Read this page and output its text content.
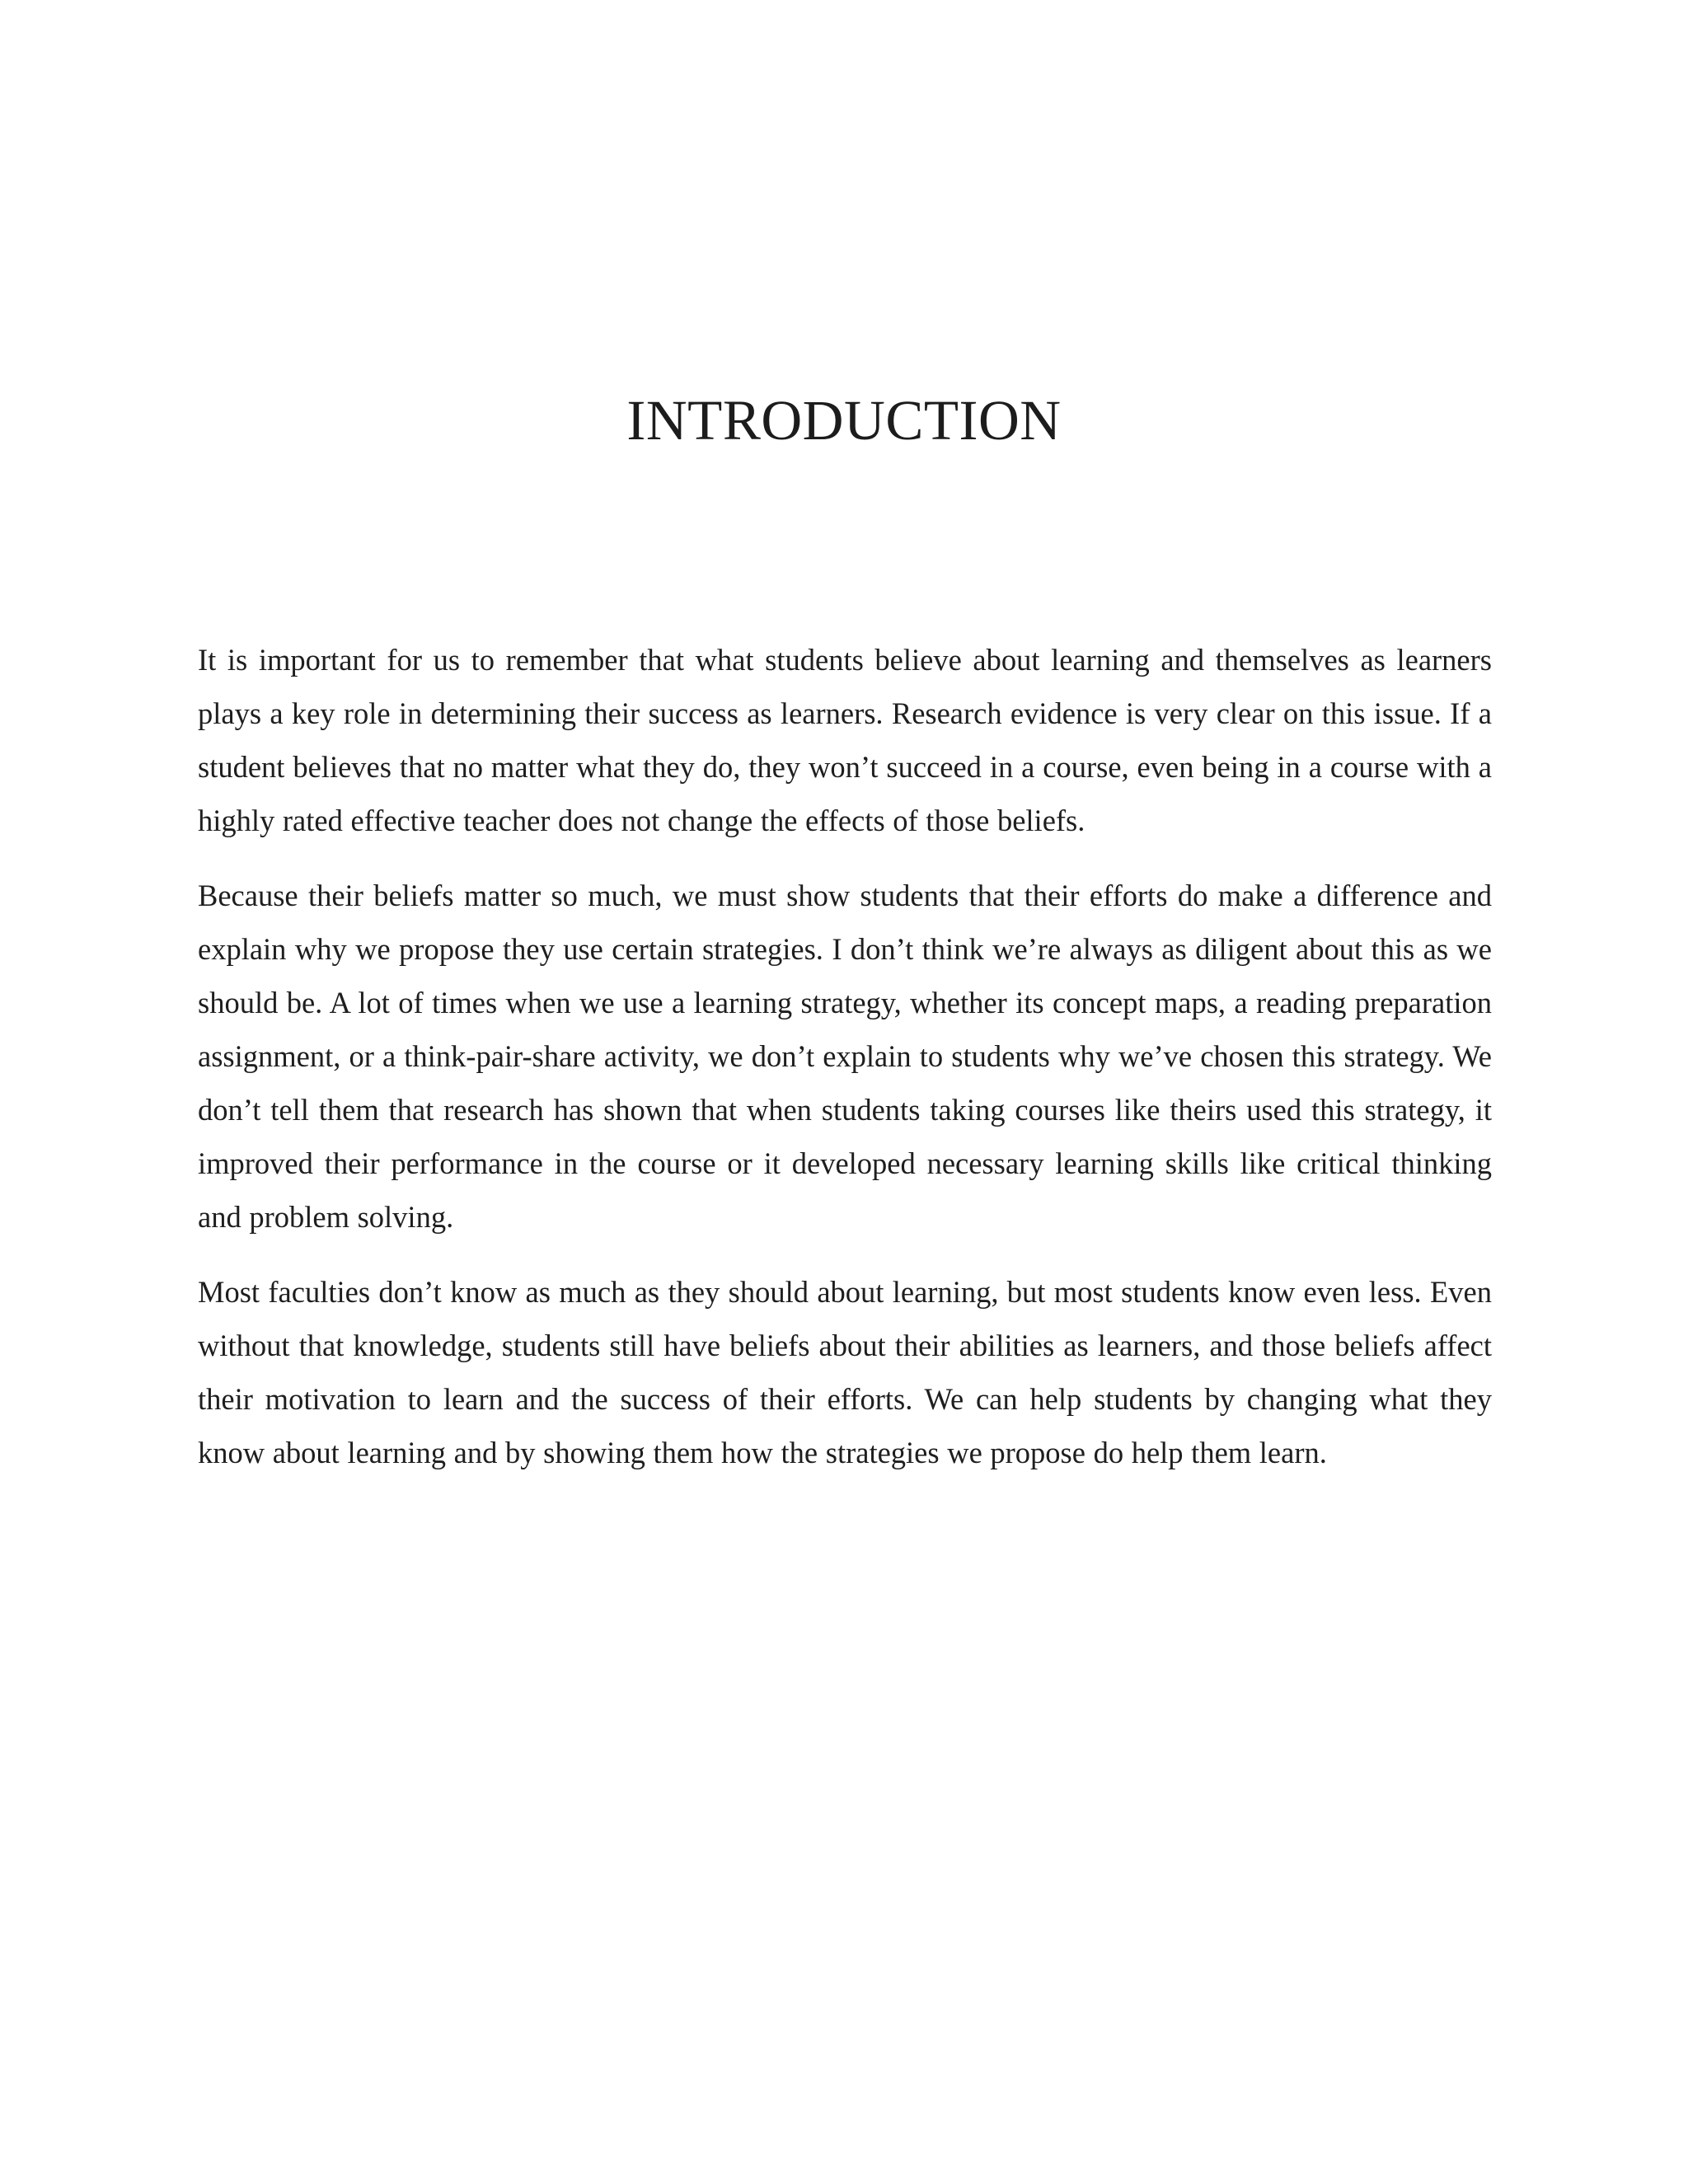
INTRODUCTION

It is important for us to remember that what students believe about learning and themselves as learners plays a key role in determining their success as learners. Research evidence is very clear on this issue. If a student believes that no matter what they do, they won’t succeed in a course, even being in a course with a highly rated effective teacher does not change the effects of those beliefs.

Because their beliefs matter so much, we must show students that their efforts do make a difference and explain why we propose they use certain strategies. I don’t think we’re always as diligent about this as we should be. A lot of times when we use a learning strategy, whether its concept maps, a reading preparation assignment, or a think-pair-share activity, we don’t explain to students why we’ve chosen this strategy. We don’t tell them that research has shown that when students taking courses like theirs used this strategy, it improved their performance in the course or it developed necessary learning skills like critical thinking and problem solving.

Most faculties don’t know as much as they should about learning, but most students know even less. Even without that knowledge, students still have beliefs about their abilities as learners, and those beliefs affect their motivation to learn and the success of their efforts. We can help students by changing what they know about learning and by showing them how the strategies we propose do help them learn.
